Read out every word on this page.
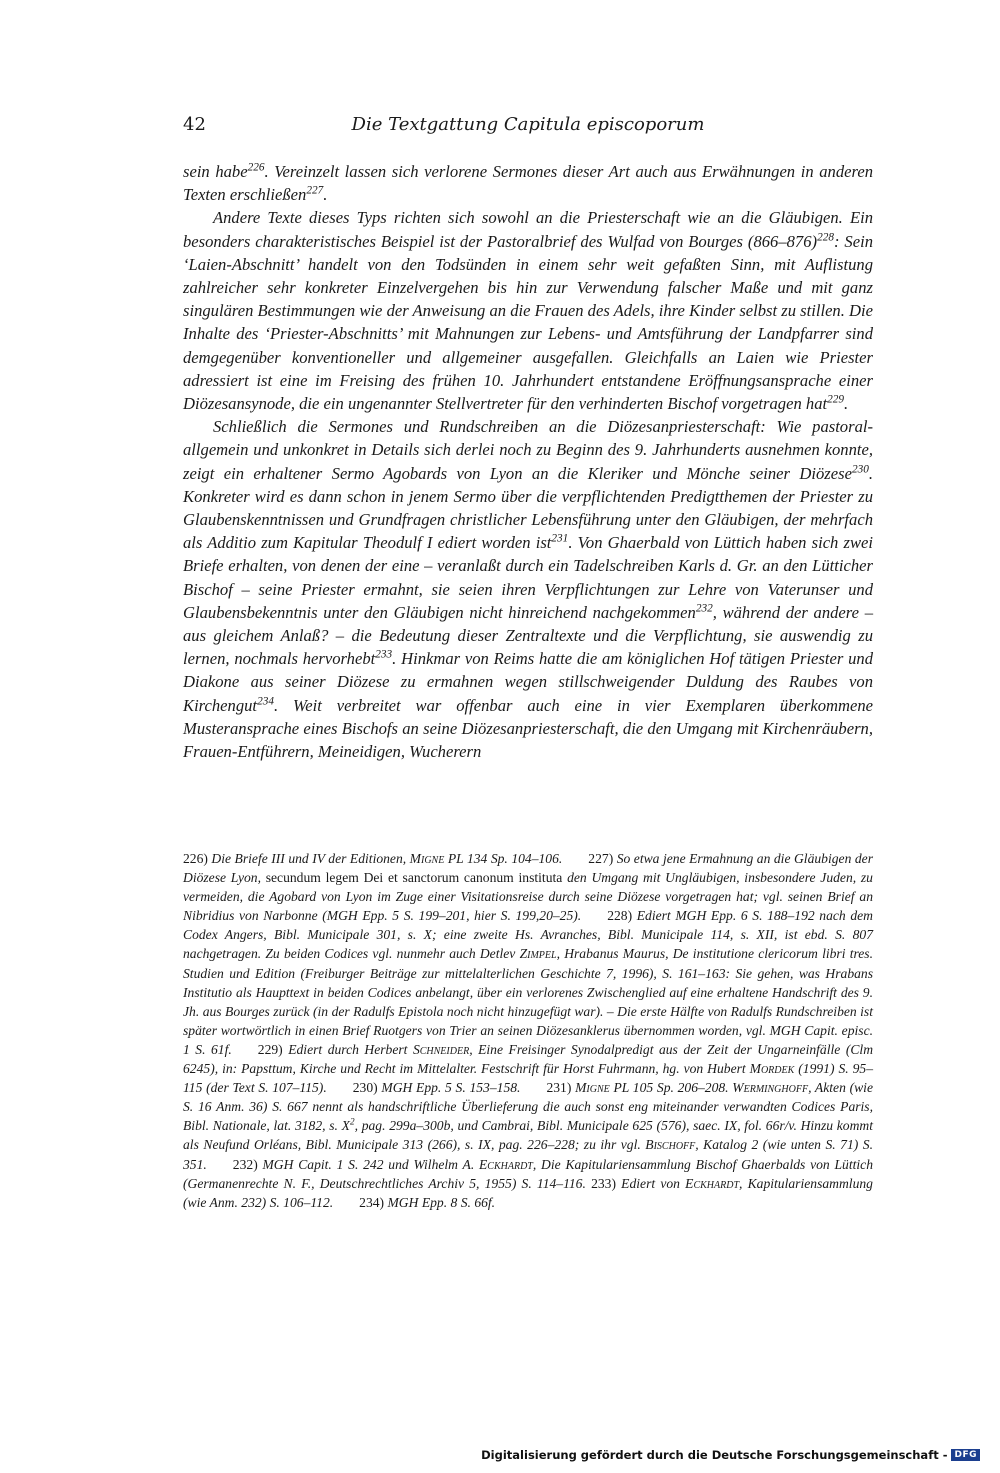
42	Die Textgattung Capitula episcoporum

sein habe$^{226}$. Vereinzelt lassen sich verlorene Sermones dieser Art auch aus Erwähnungen in anderen Texten erschließen$^{227}$.

Andere Texte dieses Typs richten sich sowohl an die Priesterschaft wie an die Gläubigen. Ein besonders charakteristisches Beispiel ist der Pastoralbrief des Wulfad von Bourges $(866-876)^{228}$: Sein ‘Laien-Abschnitt’ handelt von den Todsünden in einem sehr weit gefaßten Sinn, mit Auflistung zahlreicher sehr konkreter Einzelvergehen bis hin zur Verwendung falscher Maße und mit ganz singulären Bestimmungen wie der Anweisung an die Frauen des Adels, ihre Kinder selbst zu stillen. Die Inhalte des ‘Priester-Abschnitts’ mit Mahnungen zur Lebens- und Amtsführung der Landpfarrer sind demgegenüber konventioneller und allgemeiner ausgefallen. Gleichfalls an Laien wie Priester adressiert ist eine im Freising des frühen 10. Jahrhundert entstandene Eröffnungsansprache einer Diözesansynode, die ein ungenannter Stellvertreter für den verhinderten Bischof vorgetragen hat$^{229}$.

Schließlich die Sermones und Rundschreiben an die Diözesanpriesterschaft: Wie pastoral-allgemein und unkonkret in Details sich derlei noch zu Beginn des 9. Jahrhunderts ausnehmen konnte, zeigt ein erhaltener Sermo Agobards von Lyon an die Kleriker und Mönche seiner Diözese$^{230}$. Konkreter wird es dann schon in jenem Sermo über die verpflichtenden Predigtthemen der Priester zu Glaubenskenntnissen und Grundfragen christlicher Lebensführung unter den Gläubigen, der mehrfach als Additio zum Kapitular Theodulf I ediert worden ist$^{231}$. Von Ghaerbald von Lüttich haben sich zwei Briefe erhalten, von denen der eine – veranlaßt durch ein Tadelschreiben Karls d. Gr. an den Lütticher Bischof – seine Priester ermahnt, sie seien ihren Verpflichtungen zur Lehre von Vaterunser und Glaubensbekenntnis unter den Gläubigen nicht hinreichend nachgekommen$^{232}$, während der andere – aus gleichem Anlaß? – die Bedeutung dieser Zentraltexte und die Verpflichtung, sie auswendig zu lernen, nochmals hervorhebt$^{233}$. Hinkmar von Reims hatte die am königlichen Hof tätigen Priester und Diakone aus seiner Diözese zu ermahnen wegen stillschweigender Duldung des Raubes von Kirchengut$^{234}$. Weit verbreitet war offenbar auch eine in vier Exemplaren überkommene Musteransprache eines Bischofs an seine Diözesanpriesterschaft, die den Umgang mit Kirchenräubern, Frauen-Entführern, Meineidigen, Wucherern

226) Die Briefe III und IV der Editionen, Migne PL 134 Sp. 104–106. 227) So etwa jene Ermahnung an die Gläubigen der Diözese Lyon, secundum legem Dei et sanctorum canonum instituta den Umgang mit Ungläubigen, insbesondere Juden, zu vermeiden, die Agobard von Lyon im Zuge einer Visitationsreise durch seine Diözese vorgetragen hat; vgl. seinen Brief an Nibridius von Narbonne (MGH Epp. 5 S. 199–201, hier S. 199,20–25). 228) Ediert MGH Epp. 6 S. 188–192 nach dem Codex Angers, Bibl. Municipale 301, s. X; eine zweite Hs. Avranches, Bibl. Municipale 114, s. XII, ist ebd. S. 807 nachgetragen. Zu beiden Codices vgl. nunmehr auch Detlev Zimpel, Hrabanus Maurus, De institutione clericorum libri tres. Studien und Edition (Freiburger Beiträge zur mittelalterlichen Geschichte 7, 1996), S. 161–163: Sie gehen, was Hrabans Institutio als Haupttext in beiden Codices anbelangt, über ein verlorenes Zwischenglied auf eine erhaltene Handschrift des 9. Jh. aus Bourges zurück (in der Radulfs Epistola noch nicht hinzugefügt war). – Die erste Hälfte von Radulfs Rundschreiben ist später wortwörtlich in einen Brief Ruotgers von Trier an seinen Diözesanklerus übernommen worden, vgl. MGH Capit. episc. 1 S. 61f. 229) Ediert durch Herbert Schneider, Eine Freisinger Synodalpredigt aus der Zeit der Ungarneinfälle (Clm 6245), in: Papsttum, Kirche und Recht im Mittelalter. Festschrift für Horst Fuhrmann, hg. von Hubert Mordek (1991) S. 95–115 (der Text S. 107–115). 230) MGH Epp. 5 S. 153–158. 231) Migne PL 105 Sp. 206–208. Werminghoff, Akten (wie S. 16 Anm. 36) S. 667 nennt als handschriftliche Überlieferung die auch sonst eng miteinander verwandten Codices Paris, Bibl. Nationale, lat. 3182, s. $X^2$, pag. 299a–300b, und Cambrai, Bibl. Municipale 625 (576), saec. IX, fol. 66r/v. Hinzu kommt als Neufund Orléans, Bibl. Municipale 313 (266), s. IX, pag. 226–228; zu ihr vgl. Bischoff, Katalog 2 (wie unten S. 71) S. 351. 232) MGH Capit. 1 S. 242 und Wilhelm A. Eckhardt, Die Kapitulariensammlung Bischof Ghaerbalds von Lüttich (Germanenrechte N. F., Deutschrechtliches Archiv 5, 1955) S. 114–116. 233) Ediert von Eckhardt, Kapitulariensammlung (wie Anm. 232) S. 106–112. 234) MGH Epp. 8 S. 66f.
Digitalisierung gefördert durch die Deutsche Forschungsgemeinschaft - DFG
